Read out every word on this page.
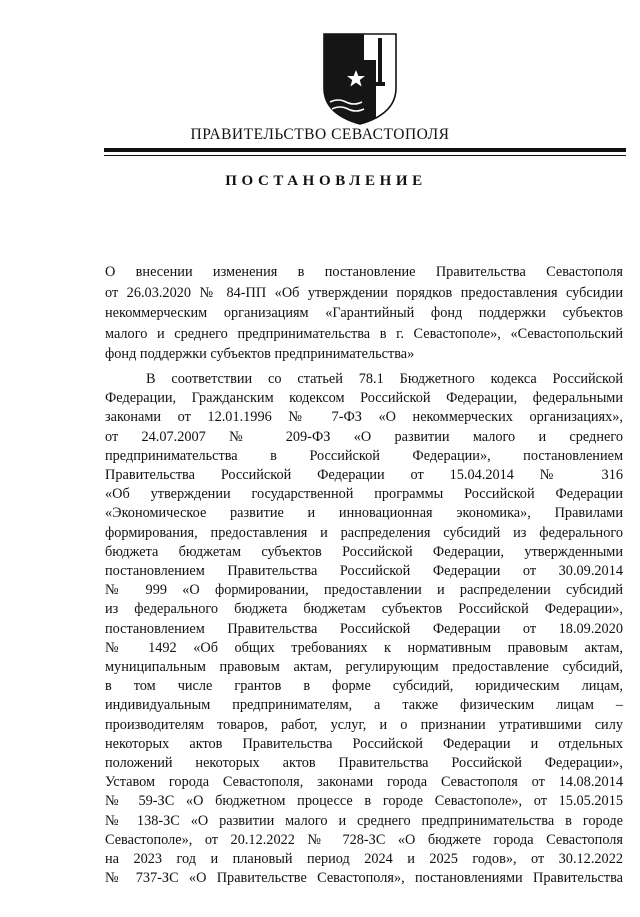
ПРАВИТЕЛЬСТВО СЕВАСТОПОЛЯ
ПОСТАНОВЛЕНИЕ
О внесении изменения в постановление Правительства Севастополя
от 26.03.2020 № 84-ПП «Об утверждении порядков предоставления субсидии
некоммерческим организациям «Гарантийный фонд поддержки субъектов
малого и среднего предпринимательства в г. Севастополе», «Севастопольский
фонд поддержки субъектов предпринимательства»
В соответствии со статьей 78.1 Бюджетного кодекса Российской
Федерации, Гражданским кодексом Российской Федерации, федеральными
законами от 12.01.1996 № 7-ФЗ «О некоммерческих организациях»,
от 24.07.2007 № 209-ФЗ «О развитии малого и среднего
предпринимательства в Российской Федерации», постановлением
Правительства Российской Федерации от 15.04.2014 № 316
«Об утверждении государственной программы Российской Федерации
«Экономическое развитие и инновационная экономика», Правилами
формирования, предоставления и распределения субсидий из федерального
бюджета бюджетам субъектов Российской Федерации, утвержденными
постановлением Правительства Российской Федерации от 30.09.2014
№ 999 «О формировании, предоставлении и распределении субсидий
из федерального бюджета бюджетам субъектов Российской Федерации»,
постановлением Правительства Российской Федерации от 18.09.2020
№ 1492 «Об общих требованиях к нормативным правовым актам,
муниципальным правовым актам, регулирующим предоставление субсидий,
в том числе грантов в форме субсидий, юридическим лицам,
индивидуальным предпринимателям, а также физическим лицам –
производителям товаров, работ, услуг, и о признании утратившими силу
некоторых актов Правительства Российской Федерации и отдельных
положений некоторых актов Правительства Российской Федерации»,
Уставом города Севастополя, законами города Севастополя от 14.08.2014
№ 59-ЗС «О бюджетном процессе в городе Севастополе», от 15.05.2015
№ 138-ЗС «О развитии малого и среднего предпринимательства в городе
Севастополе», от 20.12.2022 № 728-ЗС «О бюджете города Севастополя
на 2023 год и плановый период 2024 и 2025 годов», от 30.12.2022
№ 737-ЗС «О Правительстве Севастополя», постановлениями Правительства
